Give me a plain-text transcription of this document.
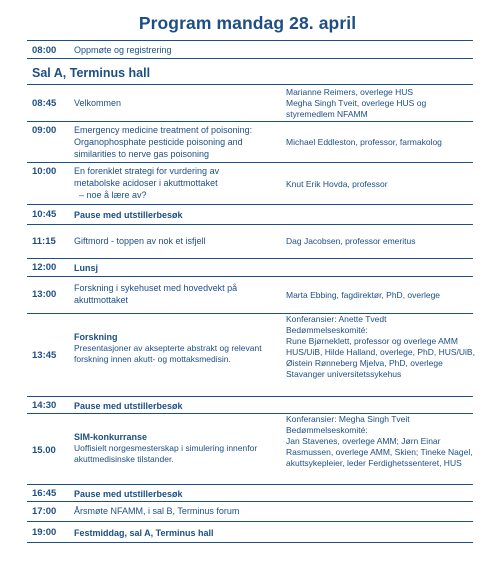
Program mandag 28. april
08:00 Oppmøte og registrering
Sal A, Terminus hall
08:45 Velkommen
Marianne Reimers, overlege HUS
Megha Singh Tveit, overlege HUS og
styremedlem NFAMM
09:00 Emergency medicine treatment of poisoning: Organophosphate pesticide poisoning and similarities to nerve gas poisoning
Michael Eddleston, professor, farmakolog
10:00 En forenklet strategi for vurdering av
metabolske acidoser i akuttmottaket
– noe å lære av?
Knut Erik Hovda, professor
10:45 Pause med utstillerbesøk
11:15 Giftmord - toppen av nok et isfjell	Dag Jacobsen, professor emeritus
12:00 Lunsj
13:00
Forskning i sykehuset med hovedvekt på akuttmottaket	Marta Ebbing, fagdirektør, PhD, overlege
13:45
Forskning
Presentasjoner av aksepterte abstrakt og relevant forskning innen akutt- og mottaksmedisin.
Konferansier: Anette Tvedt
Bedømmelseskomité:
Rune Bjørneklett, professor og overlege AMM HUS/UiB, Hilde Halland, overlege, PhD, HUS/UiB, Øistein Rønneberg Mjelva, PhD, overlege Stavanger universitetssykehus
14:30 Pause med utstillerbesøk
15.00
SIM-konkurranse
Uoffisielt norgesmesterskap i simulering innenfor akuttmedisinske tilstander.
Konferansier: Megha Singh Tveit
Bedømmelseskomité:
Jan Stavenes, overlege AMM; Jørn Einar Rasmussen, overlege AMM, Skien; Tineke Nagel, akuttsykepleier, leder Ferdighetssenteret, HUS
16:45 Pause med utstillerbesøk
17:00 Årsmøte NFAMM, i sal B, Terminus forum
19:00 Festmiddag, sal A, Terminus hall
